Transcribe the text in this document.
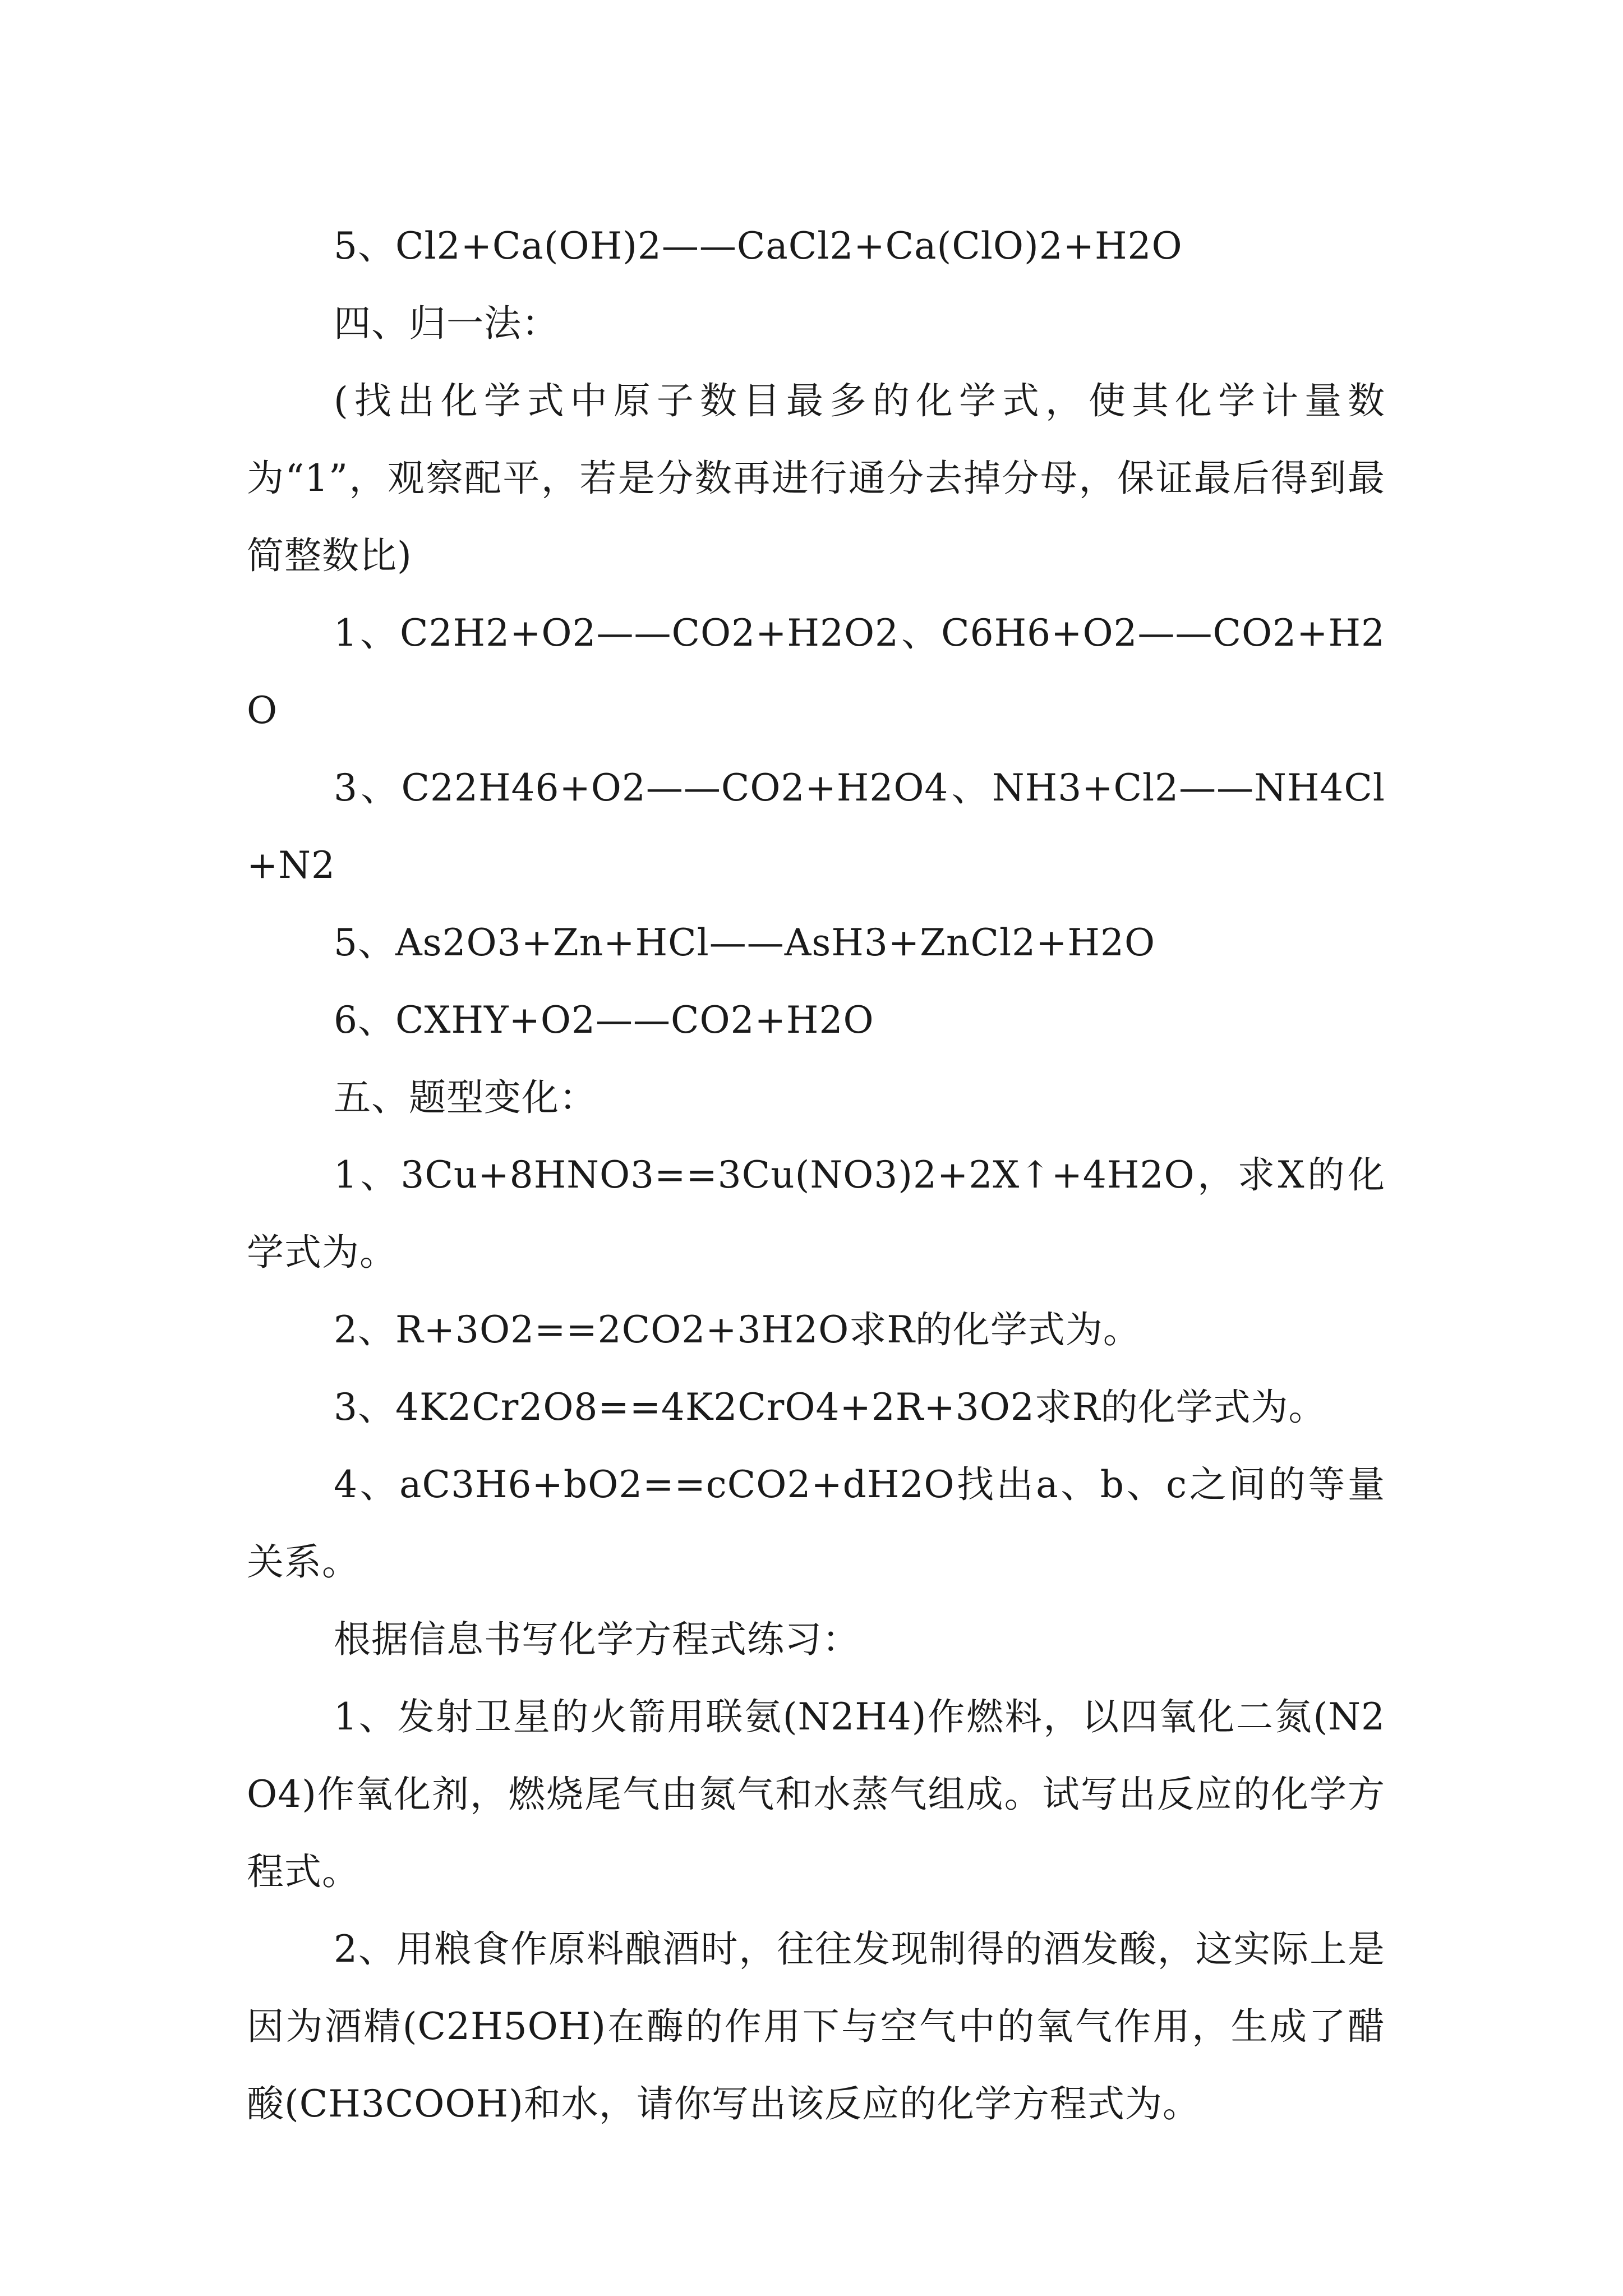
5、Cl2+Ca(OH)2——CaCl2+Ca(ClO)2+H2O

四、归一法：

(找出化学式中原子数目最多的化学式，使其化学计量数为“1”，观察配平，若是分数再进行通分去掉分母，保证最后得到最简整数比)

1、C2H2+O2——CO2+H2O2、C6H6+O2——CO2+H2O

3、C22H46+O2——CO2+H2O4、NH3+Cl2——NH4Cl+N2

5、As2O3+Zn+HCl——AsH3+ZnCl2+H2O

6、CXHY+O2——CO2+H2O

五、题型变化：

1、3Cu+8HNO3==3Cu(NO3)2+2X↑+4H2O，求X的化学式为。

2、R+3O2==2CO2+3H2O求R的化学式为。

3、4K2Cr2O8==4K2CrO4+2R+3O2求R的化学式为。

4、aC3H6+bO2==cCO2+dH2O找出a、b、c之间的等量关系。

根据信息书写化学方程式练习：

1、发射卫星的火箭用联氨(N2H4)作燃料，以四氧化二氮(N2O4)作氧化剂，燃烧尾气由氮气和水蒸气组成。试写出反应的化学方程式。

2、用粮食作原料酿酒时，往往发现制得的酒发酸，这实际上是因为酒精(C2H5OH)在酶的作用下与空气中的氧气作用，生成了醋酸(CH3COOH)和水，请你写出该反应的化学方程式为。
